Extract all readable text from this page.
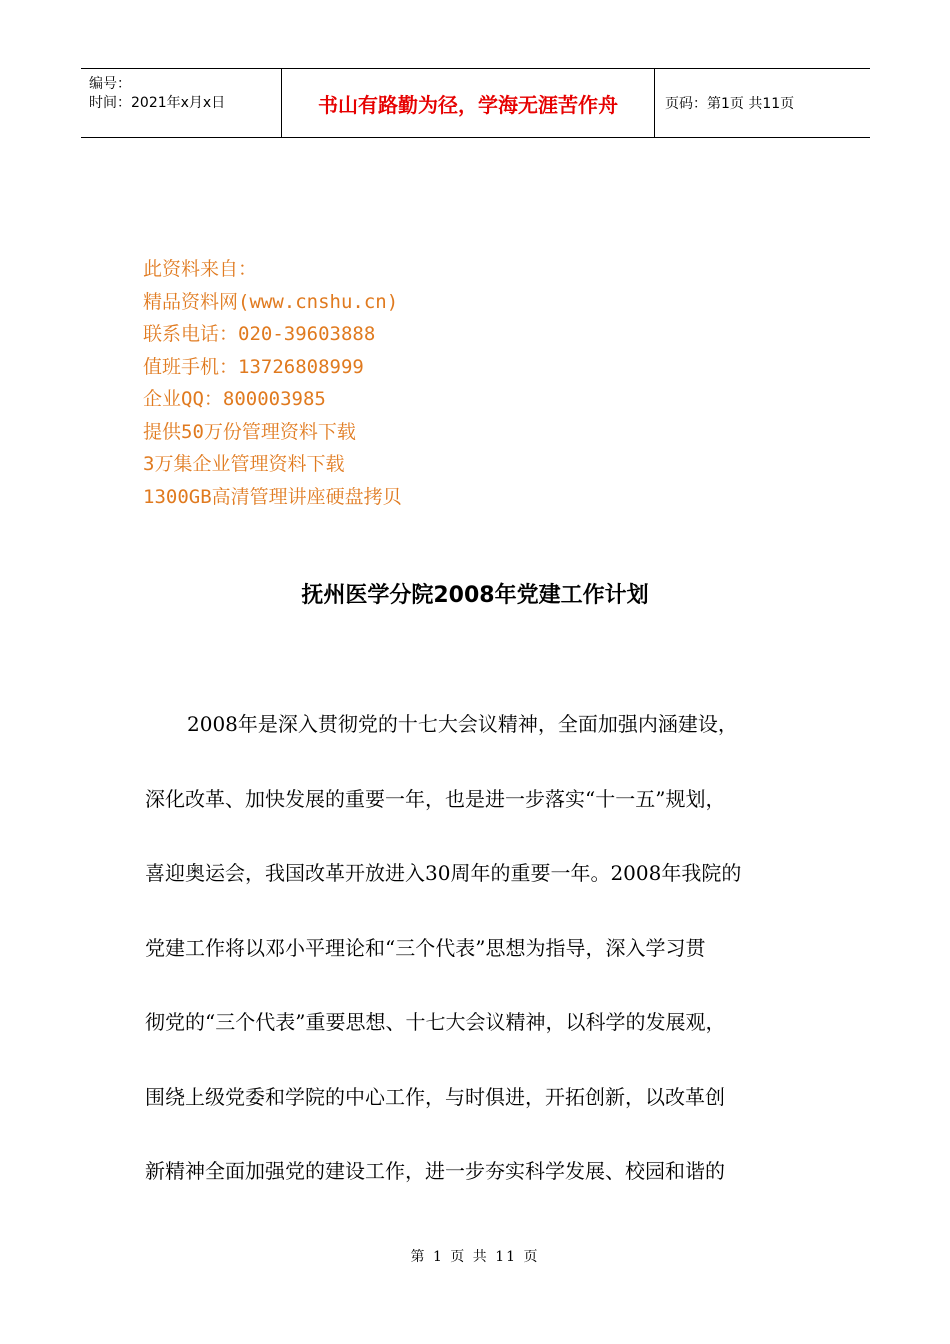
编号：
时间：2021年x月x日	书山有路勤为径，学海无涯苦作舟	页码：第1页 共11页
此资料来自：
精品资料网(www.cnshu.cn)
联系电话：020-39603888
值班手机：13726808999
企业QQ：800003985
提供50万份管理资料下载
3万集企业管理资料下载
1300GB高清管理讲座硬盘拷贝
抚州医学分院2008年党建工作计划
2008年是深入贯彻党的十七大会议精神，全面加强内涵建设，
深化改革、加快发展的重要一年，也是进一步落实“十一五”规划，
喜迎奥运会，我国改革开放进入30周年的重要一年。2008年我院的
党建工作将以邓小平理论和“三个代表”思想为指导，深入学习贯
彻党的“三个代表”重要思想、十七大会议精神，以科学的发展观，
围绕上级党委和学院的中心工作，与时俱进，开拓创新，以改革创
新精神全面加强党的建设工作，进一步夯实科学发展、校园和谐的
第 1 页 共 11 页
